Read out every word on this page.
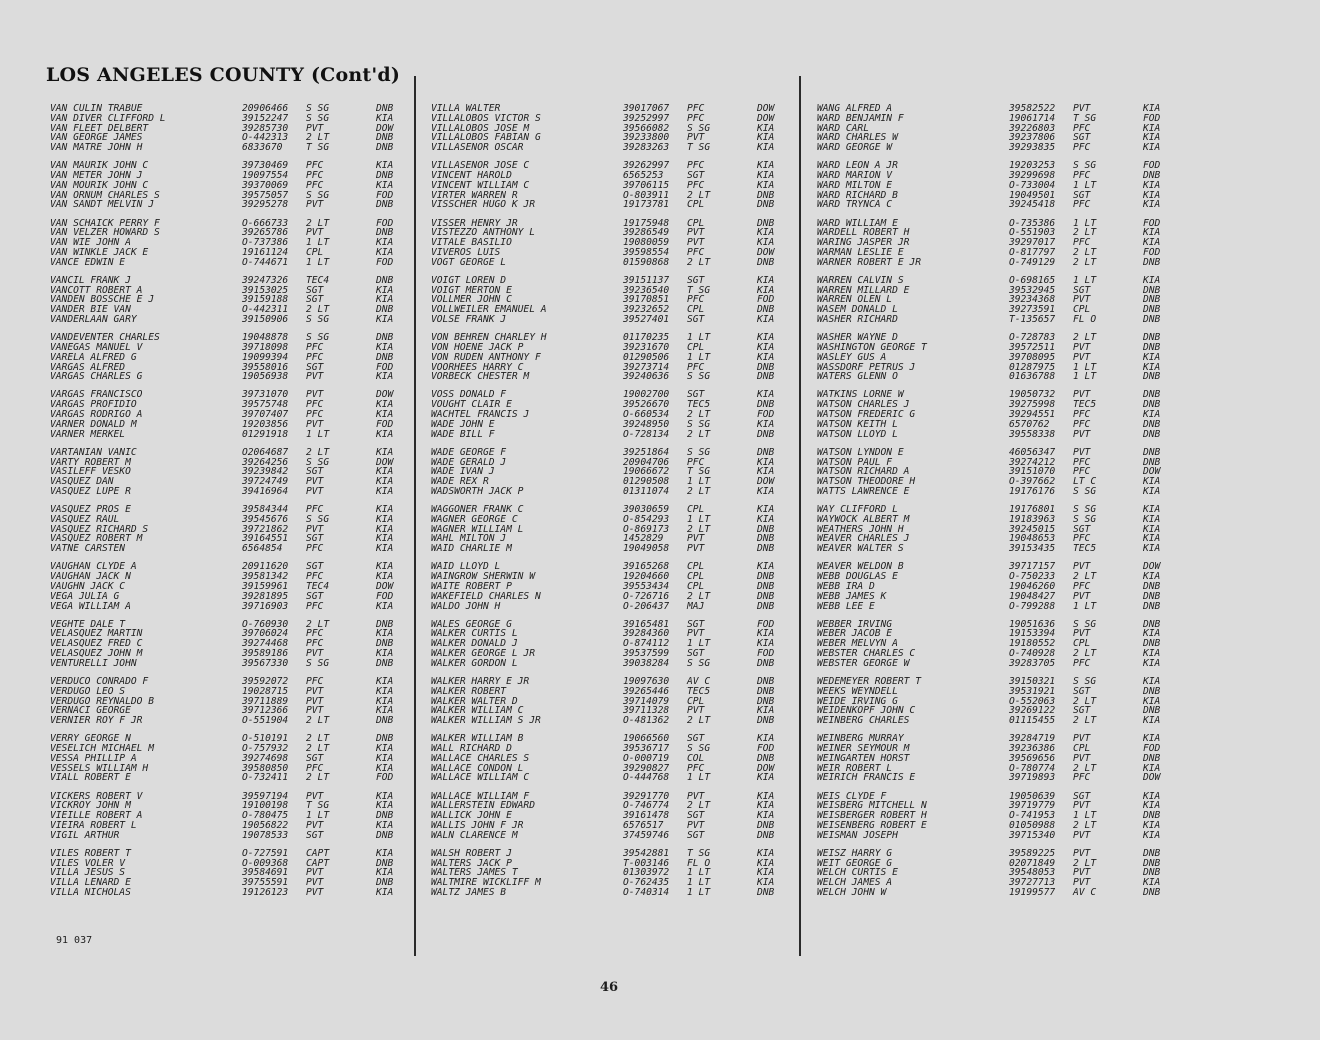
LOS ANGELES COUNTY (Cont'd)
VAN CULIN TRABUE	20906466 S SG	DNB
VAN DIVER CLIFFORD L	39152247 S SG	KIA
VAN FLEET DELBERT	39285730 PVT	DOW
VAN GEORGE JAMES	O-442313 2 LT	DNB
VAN MATRE JOHN H	6833670 T SG	DNB
VAN MAURIK JOHN C	39730469 PFC	KIA
VAN METER JOHN J	19097554 PFC	DNB
VAN MOURIK JOHN C	39370069 PFC	KIA
VAN ORNUM CHARLES S	39575057 S SG	FOD
VAN SANDT MELVIN J	39295278 PVT	DNB
VAN SCHAICK PERRY F	O-666733 2 LT	FOD
VAN VELZER HOWARD S	39265786 PVT	DNB
VAN WIE JOHN A	O-737386 1 LT	KIA
VAN WINKLE JACK E	19161124 CPL	KIA
VANCE EDWIN E	O-744671 1 LT	FOD
VANCIL FRANK J	39247326 TEC4	DNB
VANCOTT ROBERT A	39153025 SGT	KIA
VANDEN BOSSCHE E J	39159188 SGT	KIA
VANDER BIE VAN	O-442311 2 LT	DNB
VANDERLAAN GARY	39150906 S SG	KIA
VANDEVENTER CHARLES	19048878 S SG	DNB
VANEGAS MANUEL V	39718098 PFC	KIA
VARELA ALFRED G	19099394 PFC	DNB
VARGAS ALFRED	39558016 SGT	FOD
VARGAS CHARLES G	19056938 PVT	KIA
VARGAS FRANCISCO	39731070 PVT	DOW
VARGAS PROFIDIO	39575748 PFC	KIA
VARGAS RODRIGO A	39707407 PFC	KIA
VARNER DONALD M	19203856 PVT	FOD
VARNER MERKEL	01291918 1 LT	KIA
VARTANIAN VANIC	O2064687 2 LT	KIA
VARTY ROBERT M	39264256 S SG	DOW
VASILEFF VESKO	39239842 SGT	KIA
VASQUEZ DAN	39724749 PVT	KIA
VASQUEZ LUPE R	39416964 PVT	KIA
VASQUEZ PROS E	39584344 PFC	KIA
VASQUEZ RAUL	39545676 S SG	KIA
VASQUEZ RICHARD S	39721862 PVT	KIA
VASQUEZ ROBERT M	39164551 SGT	KIA
VATNE CARSTEN	6564854 PFC	KIA
VAUGHAN CLYDE A	20911620 SGT	KIA
VAUGHAN JACK N	39581342 PFC	KIA
VAUGHN JACK C	39159961 TEC4	DOW
VEGA JULIA G	39281895 SGT	FOD
VEGA WILLIAM A	39716903 PFC	KIA
VEGHTE DALE T	O-760930 2 LT	DNB
VELASQUEZ MARTIN	39706024 PFC	KIA
VELASQUEZ FRED C	39274468 PFC	DNB
VELASQUEZ JOHN M	39589186 PVT	KIA
VENTURELLI JOHN	39567330 S SG	DNB
VERDUCO CONRADO F	39592072 PFC	KIA
VERDUGO LEO S	19028715 PVT	KIA
VERDUGO REYNALDO B	39711889 PVT	KIA
VERNACI GEORGE	39712366 PVT	KIA
VERNIER ROY F JR	O-551904 2 LT	DNB
VERRY GEORGE N	O-510191 2 LT	DNB
VESELICH MICHAEL M	O-757932 2 LT	KIA
VESSA PHILLIP A	39274698 SGT	KIA
VESSELS WILLIAM H	39580850 PFC	KIA
VIALL ROBERT E	O-732411 2 LT	FOD
VICKERS ROBERT V	39597194 PVT	KIA
VICKROY JOHN M	19100198 T SG	KIA
VIEILLE ROBERT A	O-780475 1 LT	DNB
VIEIRA ROBERT L	19056822 PVT	KIA
VIGIL ARTHUR	19078533 SGT	DNB
VILES ROBERT T	O-727591 CAPT	KIA
VILES VOLER V	O-009368 CAPT	DNB
VILLA JESUS S	39584691 PVT	KIA
VILLA LENARD E	39755591 PVT	DNB
VILLA NICHOLAS	19126123 PVT	KIA
VILLA WALTER	39017067 PFC	DOW
VILLALOBOS VICTOR S	39252997 PFC	DOW
VILLALOBOS JOSE M	39566082 S SG	KIA
VILLALOBOS FABIAN G	39233800 PVT	KIA
VILLASENOR OSCAR	39283263 T SG	KIA
VILLASENOR JOSE C	39262997 PFC	KIA
VINCENT HAROLD	6565253 SGT	KIA
VINCENT WILLIAM C	39706115 PFC	KIA
VIRTER WARREN R	O-803911 2 LT	DNB
VISSCHER HUGO K JR	19173781 CPL	DNB
VISSER HENRY JR	19175948 CPL	DNB
VISTEZZO ANTHONY L	39286549 PVT	KIA
VITALE BASILIO	19080059 PVT	KIA
VIVEROS LUIS	39598554 PFC	DOW
VOGT GEORGE L	01590868 2 LT	DNB
VOIGT LOREN D	39151137 SGT	KIA
VOIGT MERTON E	39236540 T SG	KIA
VOLLMER JOHN C	39170851 PFC	FOD
VOLLWEILER EMANUEL A	39232652 CPL	DNB
VOLSE FRANK J	39527401 SGT	KIA
VON BEHREN CHARLEY H	01170235 1 LT	KIA
VON HOENE JACK P	39231670 CPL	KIA
VON RUDEN ANTHONY F	01290506 1 LT	KIA
VOORHEES HARRY C	39273714 PFC	DNB
VORBECK CHESTER M	39240636 S SG	DNB
VOSS DONALD F	19002700 SGT	KIA
VOUGHT CLAIR E	39526670 TEC5	DNB
WACHTEL FRANCIS J	O-660534 2 LT	FOD
WADE JOHN E	39248950 S SG	KIA
WADE BILL F	O-728134 2 LT	DNB
WADE GEORGE F	39251864 S SG	DNB
WADE GERALD J	20904706 PFC	KIA
WADE IVAN J	19066672 T SG	KIA
WADE REX R	01290508 1 LT	DOW
WADSWORTH JACK P	01311074 2 LT	KIA
WAGGONER FRANK C	39030659 CPL	KIA
WAGNER GEORGE C	O-854293 1 LT	KIA
WAGNER WILLIAM L	O-869173 2 LT	DNB
WAHL MILTON J	1452829 PVT	DNB
WAID CHARLIE M	19049058 PVT	DNB
WAID LLOYD L	39165268 CPL	KIA
WAINGROW SHERWIN W	19204660 CPL	DNB
WAITE ROBERT P	39553434 CPL	DNB
WAKEFIELD CHARLES N	O-726716 2 LT	DNB
WALDO JOHN H	O-206437 MAJ	DNB
WALES GEORGE G	39165481 SGT	FOD
WALKER CURTIS L	39284360 PVT	KIA
WALKER DONALD J	O-874112 1 LT	KIA
WALKER GEORGE L JR	39537599 SGT	FOD
WALKER GORDON L	39038284 S SG	DNB
WALKER HARRY E JR	19097630 AV C	DNB
WALKER ROBERT	39265446 TEC5	DNB
WALKER WALTER D	39714079 CPL	DNB
WALKER WILLIAM C	39711328 PVT	KIA
WALKER WILLIAM S JR	O-481362 2 LT	DNB
WALKER WILLIAM B	19066560 SGT	KIA
WALL RICHARD D	39536717 S SG	FOD
WALLACE CHARLES S	O-000719 COL	DNB
WALLACE CONDON L	39290827 PFC	DOW
WALLACE WILLIAM C	O-444768 1 LT	KIA
WALLACE WILLIAM F	39291770 PVT	KIA
WALLERSTEIN EDWARD	O-746774 2 LT	KIA
WALLICK JOHN E	39161478 SGT	KIA
WALLIS JOHN F JR	6576517 PVT	DNB
WALN CLARENCE M	37459746 SGT	DNB
WALSH ROBERT J	39542881 T SG	KIA
WALTERS JACK P	T-003146 FL O	KIA
WALTERS JAMES T	01303972 1 LT	KIA
WALTMIRE WICKLIFF M	O-762435 1 LT	KIA
WALTZ JAMES B	O-740314 1 LT	DNB
WANG ALFRED A	39582522 PVT	KIA
WARD BENJAMIN F	19061714 T SG	FOD
WARD CARL	39226803 PFC	KIA
WARD CHARLES W	39237806 SGT	KIA
WARD GEORGE W	39293835 PFC	KIA
WARD LEON A JR	19203253 S SG	FOD
WARD MARION V	39299698 PFC	DNB
WARD MILTON E	O-733004 1 LT	KIA
WARD RICHARD B	19049501 SGT	KIA
WARD TRYNCA C	39245418 PFC	KIA
WARD WILLIAM E	O-735386 1 LT	FOD
WARDELL ROBERT H	O-551903 2 LT	KIA
WARING JASPER JR	39297017 PFC	KIA
WARMAN LESLIE E	O-817797 2 LT	FOD
WARNER ROBERT E JR	O-749129 2 LT	DNB
WARREN CALVIN S	O-698165 1 LT	KIA
WARREN MILLARD E	39532945 SGT	DNB
WARREN OLEN L	39234368 PVT	DNB
WASEM DONALD L	39273591 CPL	DNB
WASHER RICHARD	T-135657 FL O	DNB
WASHER WAYNE D	O-728783 2 LT	DNB
WASHINGTON GEORGE T	39572511 PVT	DNB
WASLEY GUS A	39708095 PVT	KIA
WASSDORF PETRUS J	01287975 1 LT	KIA
WATERS GLENN O	01636788 1 LT	DNB
WATKINS LORNE W	19050732 PVT	DNB
WATSON CHARLES J	39275998 TEC5	DNB
WATSON FREDERIC G	39294551 PFC	KIA
WATSON KEITH L	6570762 PFC	DNB
WATSON LLOYD L	39558338 PVT	DNB
WATSON LYNDON E	46056347 PVT	DNB
WATSON PAUL F	39274212 PFC	DNB
WATSON RICHARD A	39151070 PFC	DOW
WATSON THEODORE H	O-397662 LT C	KIA
WATTS LAWRENCE E	19176176 S SG	KIA
WAY CLIFFORD L	19176801 S SG	KIA
WAYWOCK ALBERT M	19183963 S SG	KIA
WEATHERS JOHN H	39245015 SGT	KIA
WEAVER CHARLES J	19048653 PFC	KIA
WEAVER WALTER S	39153435 TEC5	KIA
WEAVER WELDON B	39717157 PVT	DOW
WEBB DOUGLAS E	O-750233 2 LT	KIA
WEBB IRA D	19046260 PFC	DNB
WEBB JAMES K	19048427 PVT	DNB
WEBB LEE E	O-799288 1 LT	DNB
WEBBER IRVING	19051636 S SG	DNB
WEBER JACOB E	19153394 PVT	KIA
WEBER MELVYN A	19180552 CPL	DNB
WEBSTER CHARLES C	O-740928 2 LT	KIA
WEBSTER GEORGE W	39283705 PFC	KIA
WEDEMEYER ROBERT T	39150321 S SG	KIA
WEEKS WEYNDELL	39531921 SGT	DNB
WEIDE IRVING G	O-552063 2 LT	KIA
WEIDENKOPF JOHN C	39269122 SGT	DNB
WEINBERG CHARLES	01115455 2 LT	KIA
WEINBERG MURRAY	39284719 PVT	KIA
WEINER SEYMOUR M	39236386 CPL	FOD
WEINGARTEN HORST	39569656 PVT	DNB
WEIR ROBERT L	O-780774 2 LT	KIA
WEIRICH FRANCIS E	39719893 PFC	DOW
WEIS CLYDE F	19050639 SGT	KIA
WEISBERG MITCHELL N	39719779 PVT	KIA
WEISBERGER ROBERT H	O-741953 1 LT	DNB
WEISENBERG ROBERT E	01050988 2 LT	KIA
WEISMAN JOSEPH	39715340 PVT	KIA
WEISZ HARRY G	39589225 PVT	DNB
WEIT GEORGE G	02071849 2 LT	DNB
WELCH CURTIS E	39548053 PVT	DNB
WELCH JAMES A	39727713 PVT	KIA
WELCH JOHN W	19199577 AV C	DNB
91 037
46
